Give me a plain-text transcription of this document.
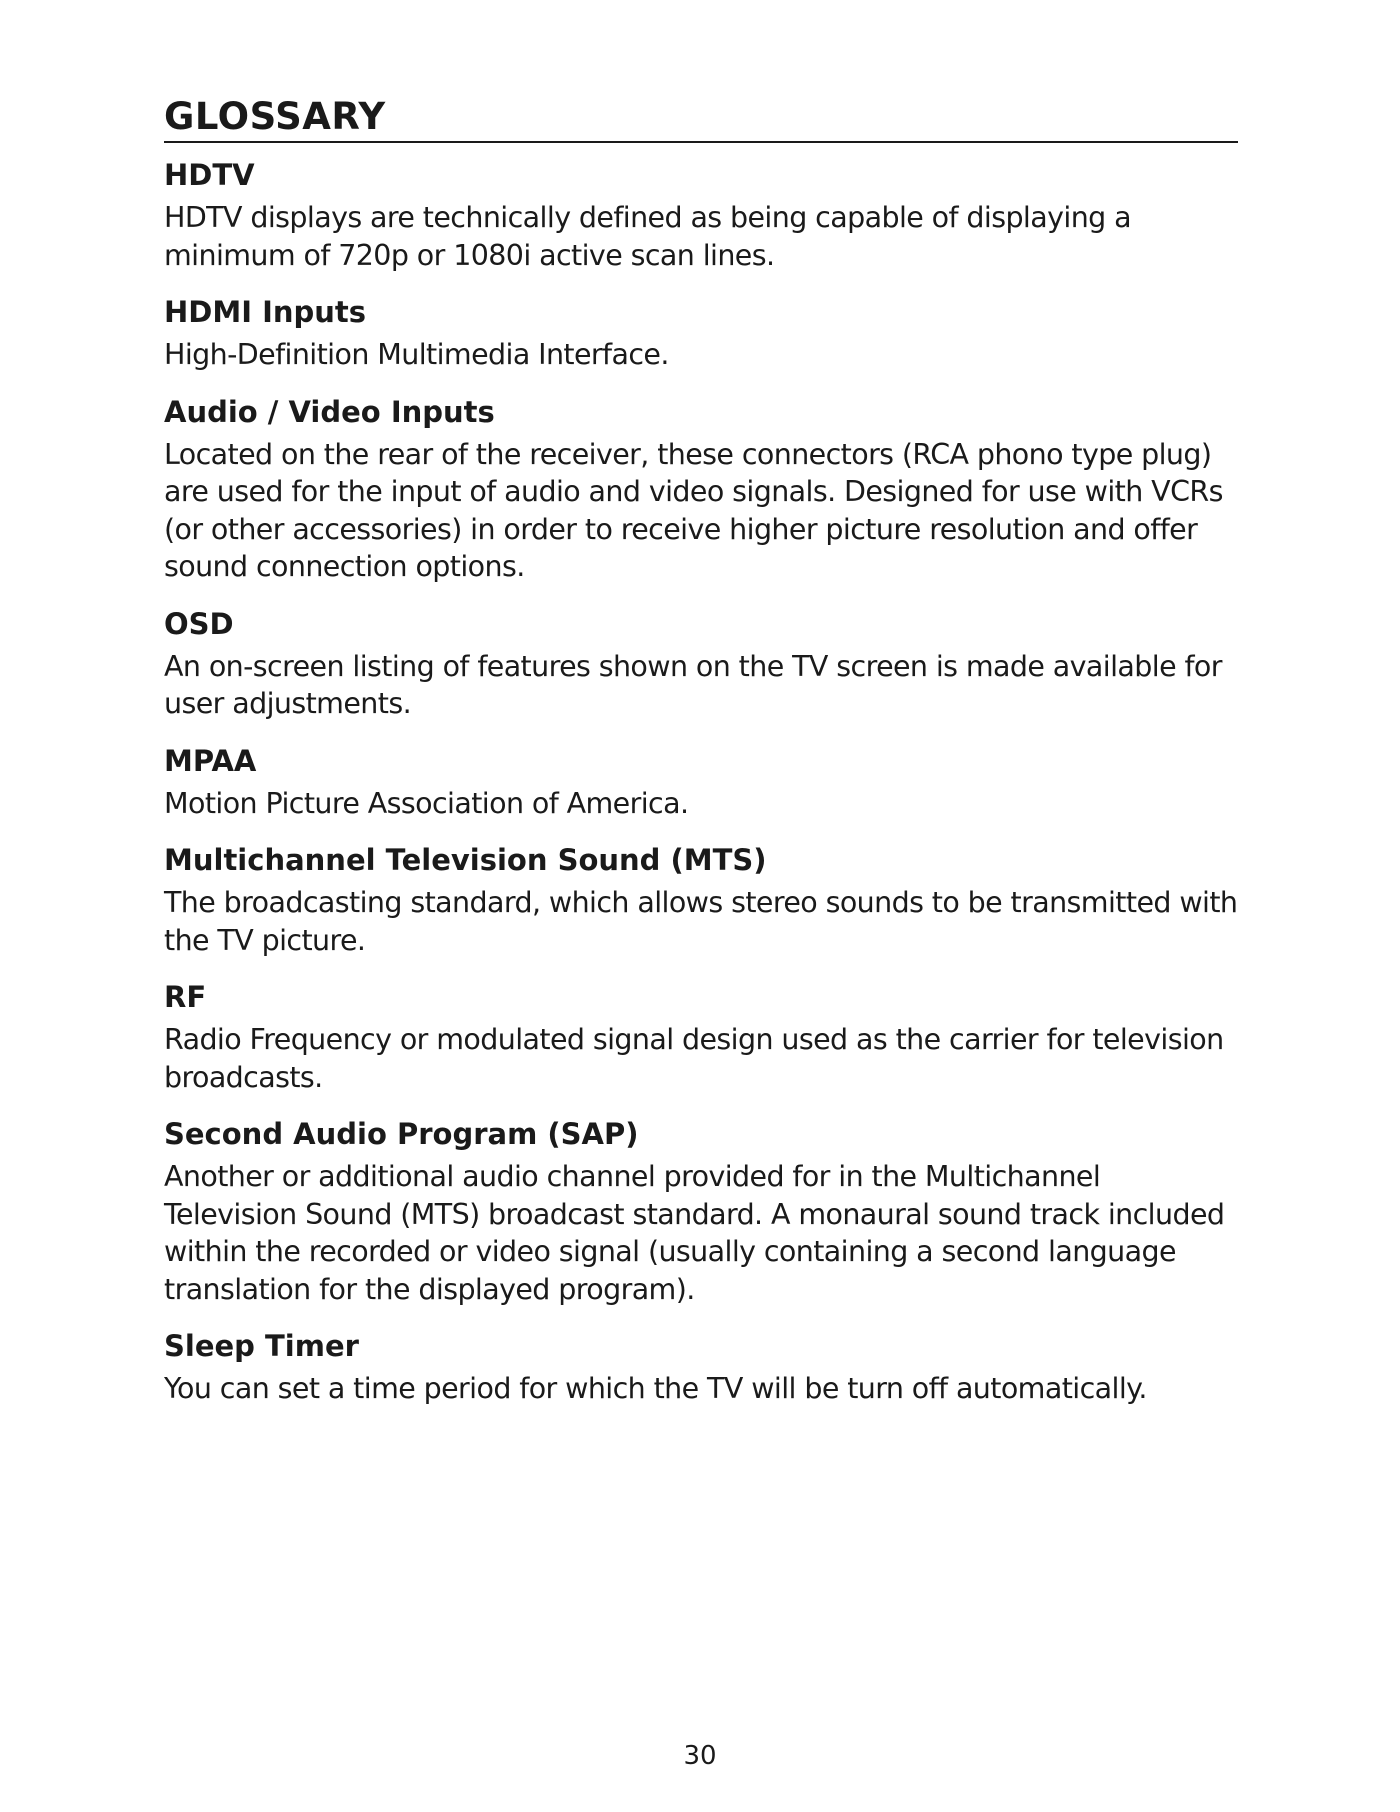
GLOSSARY
HDTV

HDTV displays are technically defined as being capable of displaying a minimum of 720p or 1080i active scan lines.

HDMI Inputs

High-Definition Multimedia Interface.

Audio / Video Inputs

Located on the rear of the receiver, these connectors (RCA phono type plug) are used for the input of audio and video signals. Designed for use with VCRs (or other accessories) in order to receive higher picture resolution and offer sound connection options.

OSD

An on-screen listing of features shown on the TV screen is made available for user adjustments.

MPAA

Motion Picture Association of America.

Multichannel Television Sound (MTS)

The broadcasting standard, which allows stereo sounds to be transmitted with the TV picture.

RF

Radio Frequency or modulated signal design used as the carrier for television broadcasts.

Second Audio Program (SAP)

Another or additional audio channel provided for in the Multichannel Television Sound (MTS) broadcast standard. A monaural sound track included within the recorded or video signal (usually containing a second language translation for the displayed program).

Sleep Timer

You can set a time period for which the TV will be turn off automatically.

30
